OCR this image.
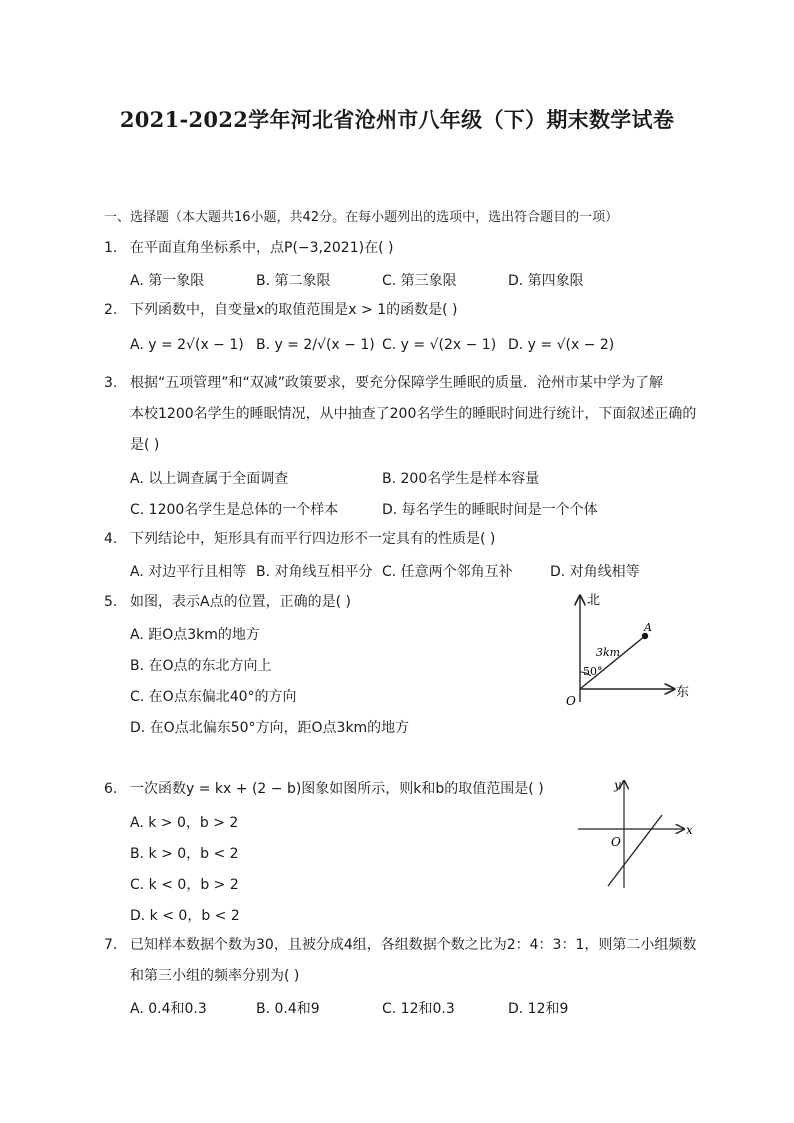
2021-2022学年河北省沧州市八年级（下）期末数学试卷
一、选择题（本大题共16小题，共42分。在每小题列出的选项中，选出符合题目的一项）
1. 在平面直角坐标系中，点P(−3,2021)在( )
A. 第一象限	B. 第二象限	C. 第三象限	D. 第四象限
2. 下列函数中，自变量x的取值范围是x > 1的函数是( )
A. y = 2√(x − 1) B. y = 2/√(x − 1) C. y = √(2x − 1) D. y = √(x − 2)
3. 根据“五项管理”和“双减”政策要求，要充分保障学生睡眠的质量．沧州市某中学为了解
本校1200名学生的睡眠情况，从中抽查了200名学生的睡眠时间进行统计，下面叙述正确的
是( )
A. 以上调查属于全面调查	B. 200名学生是样本容量
C. 1200名学生是总体的一个样本	D. 每名学生的睡眠时间是一个个体
4. 下列结论中，矩形具有而平行四边形不一定具有的性质是( )
A. 对边平行且相等 B. 对角线互相平分 C. 任意两个邻角互补	D. 对角线相等
5. 如图，表示A点的位置，正确的是( )
A. 距O点3km的地方
B. 在O点的东北方向上
C. 在O点东偏北40°的方向
D. 在O点北偏东50°方向，距O点3km的地方
北
东
O
A
3km
50°
6. 一次函数y = kx + (2 − b)图象如图所示，则k和b的取值范围是( )
A. k > 0，b > 2
B. k > 0，b < 2
C. k < 0，b > 2
D. k < 0，b < 2
y
x
O
7. 已知样本数据个数为30，且被分成4组，各组数据个数之比为2：4：3：1，则第二小组频数
和第三小组的频率分别为( )
A. 0.4和0.3	B. 0.4和9	C. 12和0.3	D. 12和9
